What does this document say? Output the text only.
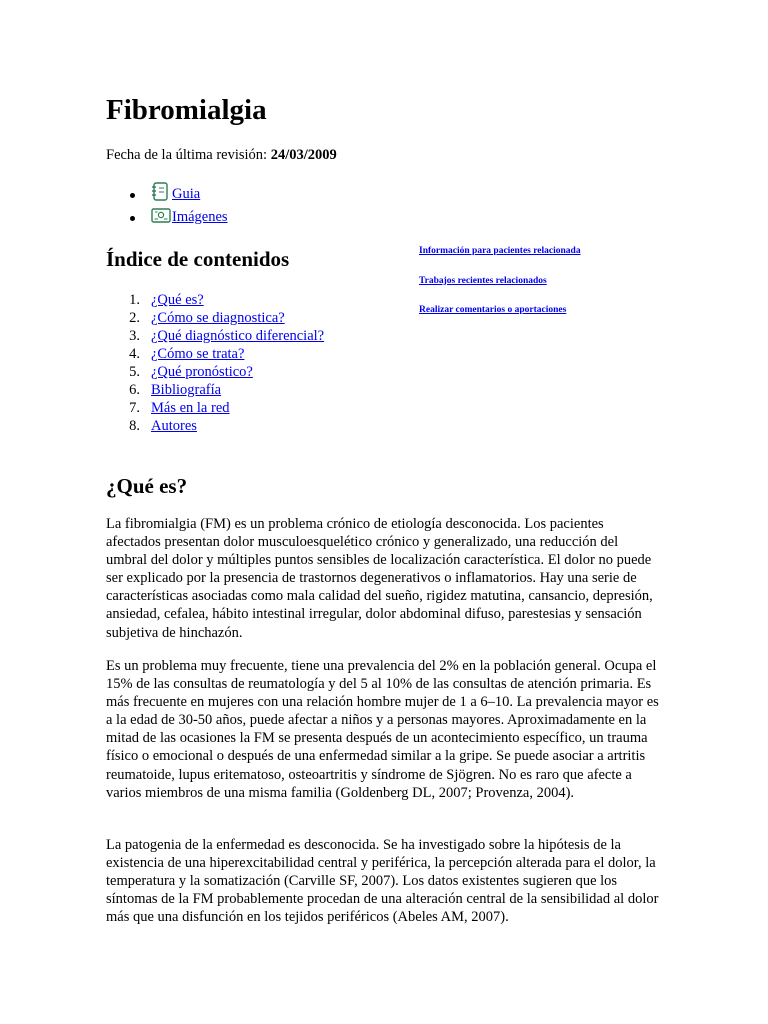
Fibromialgia

Fecha de la última revisión: 24/03/2009

Guia
Imágenes
Índice de contenidos
1. ¿Qué es?
2. ¿Cómo se diagnostica?
3. ¿Qué diagnóstico diferencial?
4. ¿Cómo se trata?
5. ¿Qué pronóstico?
6. Bibliografía
7. Más en la red
8. Autores
Información para pacientes relacionada
Trabajos recientes relacionados
Realizar comentarios o aportaciones
¿Qué es?

La fibromialgia (FM) es un problema crónico de etiología desconocida. Los pacientes afectados presentan dolor musculoesquelético crónico y generalizado, una reducción del umbral del dolor y múltiples puntos sensibles de localización característica. El dolor no puede ser explicado por la presencia de trastornos degenerativos o inflamatorios. Hay una serie de características asociadas como mala calidad del sueño, rigidez matutina, cansancio, depresión, ansiedad, cefalea, hábito intestinal irregular, dolor abdominal difuso, parestesias y sensación subjetiva de hinchazón.

Es un problema muy frecuente, tiene una prevalencia del 2% en la población general. Ocupa el 15% de las consultas de reumatología y del 5 al 10% de las consultas de atención primaria. Es más frecuente en mujeres con una relación hombre mujer de 1 a 6–10. La prevalencia mayor es a la edad de 30-50 años, puede afectar a niños y a personas mayores. Aproximadamente en la mitad de las ocasiones la FM se presenta después de un acontecimiento específico, un trauma físico o emocional o después de una enfermedad similar a la gripe. Se puede asociar a artritis reumatoide, lupus eritematoso, osteoartritis y síndrome de Sjögren. No es raro que afecte a varios miembros de una misma familia (Goldenberg DL, 2007; Provenza, 2004).

La patogenia de la enfermedad es desconocida. Se ha investigado sobre la hipótesis de la existencia de una hiperexcitabilidad central y periférica, la percepción alterada para el dolor, la temperatura y la somatización (Carville SF, 2007). Los datos existentes sugieren que los síntomas de la FM probablemente procedan de una alteración central de la sensibilidad al dolor más que una disfunción en los tejidos periféricos (Abeles AM, 2007).
